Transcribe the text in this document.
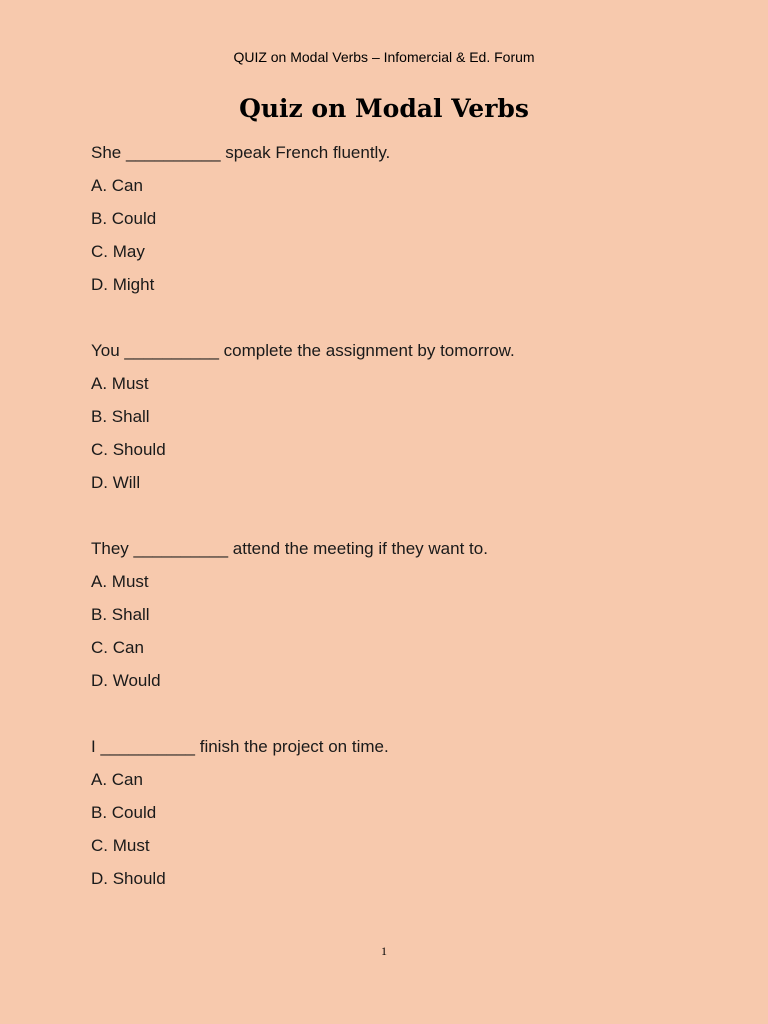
QUIZ on Modal Verbs – Infomercial & Ed. Forum
Quiz on Modal Verbs
She __________ speak French fluently.
A. Can
B. Could
C. May
D. Might
You __________ complete the assignment by tomorrow.
A. Must
B. Shall
C. Should
D. Will
They __________ attend the meeting if they want to.
A. Must
B. Shall
C. Can
D. Would
I __________ finish the project on time.
A. Can
B. Could
C. Must
D. Should
1
